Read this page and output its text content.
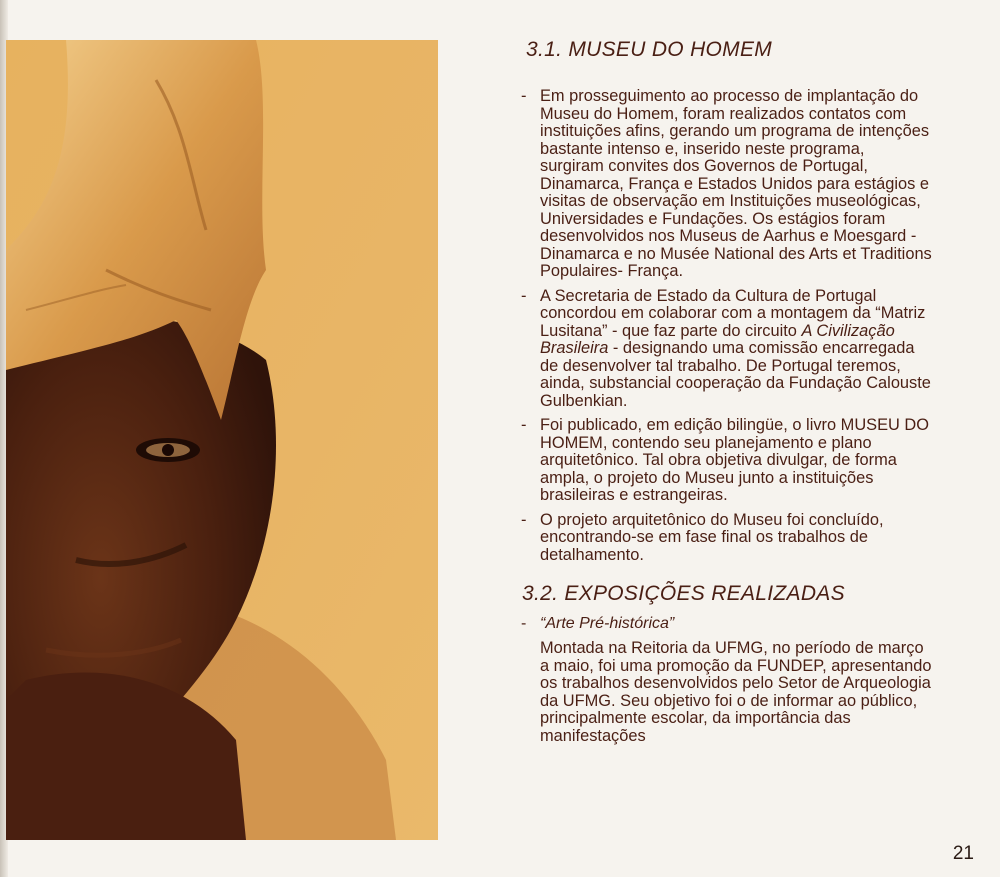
3.1. MUSEU DO HOMEM
- Em prosseguimento ao processo de implantação do Museu do Homem, foram realizados contatos com instituições afins, gerando um programa de intenções bastante intenso e, inserido neste programa, surgiram convites dos Governos de Portugal, Dinamarca, França e Estados Unidos para estágios e visitas de observação em Instituições museológicas, Universidades e Fundações. Os estágios foram desenvolvidos nos Museus de Aarhus e Moesgard - Dinamarca e no Musée National des Arts et Traditions Populaires- França.
- A Secretaria de Estado da Cultura de Portugal concordou em colaborar com a montagem da “Matriz Lusitana” - que faz parte do circuito A Civilização Brasileira - designando uma comissão encarregada de desenvolver tal trabalho. De Portugal teremos, ainda, substancial cooperação da Fundação Calouste Gulbenkian.
- Foi publicado, em edição bilingüe, o livro MUSEU DO HOMEM, contendo seu planejamento e plano arquitetônico. Tal obra objetiva divulgar, de forma ampla, o projeto do Museu junto a instituições brasileiras e estrangeiras.
- O projeto arquitetônico do Museu foi concluído, encontrando-se em fase final os trabalhos de detalhamento.
3.2. EXPOSIÇÕES REALIZADAS
- “Arte Pré-histórica”
Montada na Reitoria da UFMG, no período de março a maio, foi uma promoção da FUNDEP, apresentando os trabalhos desenvolvidos pelo Setor de Arqueologia da UFMG. Seu objetivo foi o de informar ao público, principalmente escolar, da importância das manifestações
21
